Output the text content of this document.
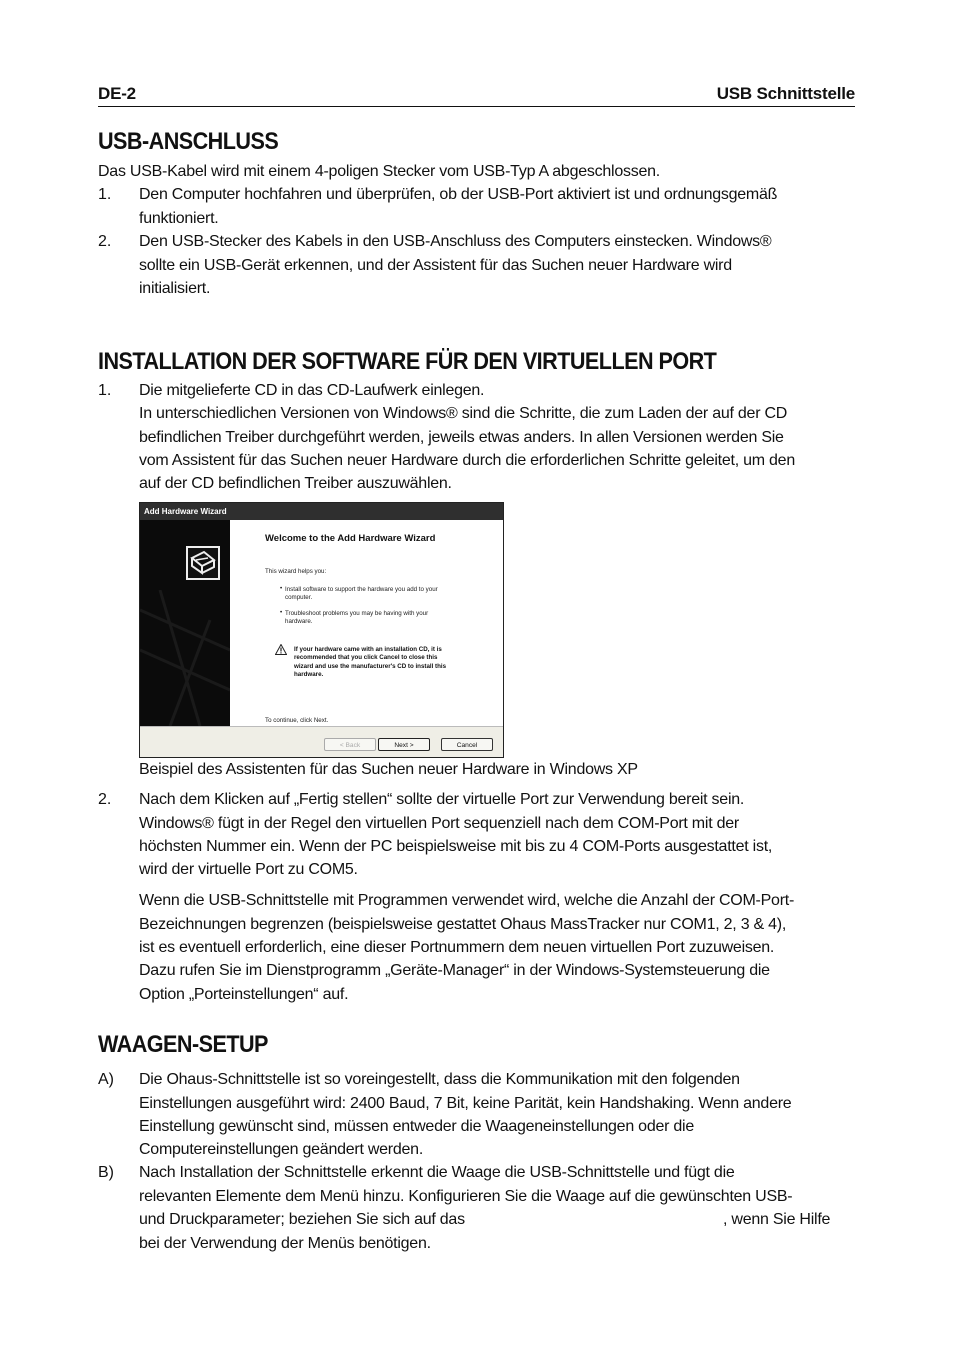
DE-2	USB Schnittstelle
USB-ANSCHLUSS

Das USB-Kabel wird mit einem 4-poligen Stecker vom USB-Typ A abgeschlossen.

1. Den Computer hochfahren und überprüfen, ob der USB-Port aktiviert ist und ordnungsgemäß

funktioniert.

2. Den USB-Stecker des Kabels in den USB-Anschluss des Computers einstecken. Windows®

sollte ein USB-Gerät erkennen, und der Assistent für das Suchen neuer Hardware wird

initialisiert.

INSTALLATION DER SOFTWARE FÜR DEN VIRTUELLEN PORT
1. Die mitgelieferte CD in das CD-Laufwerk einlegen.

In unterschiedlichen Versionen von Windows® sind die Schritte, die zum Laden der auf der CD

befindlichen Treiber durchgeführt werden, jeweils etwas anders. In allen Versionen werden Sie

vom Assistent für das Suchen neuer Hardware durch die erforderlichen Schritte geleitet, um den

auf der CD befindlichen Treiber auszuwählen.

Add Hardware Wizard
Welcome to the Add Hardware Wizard
This wizard helps you:
• Install software to support the hardware you add to your
computer.
• Troubleshoot problems you may be having with your
hardware.
If your hardware came with an installation CD, it is
recommended that you click Cancel to close this
wizard and use the manufacturer's CD to install this
hardware.
To continue, click Next.
< Back	Next >	Cancel

Beispiel des Assistenten für das Suchen neuer Hardware in Windows XP

2. Nach dem Klicken auf „Fertig stellen“ sollte der virtuelle Port zur Verwendung bereit sein.

Windows® fügt in der Regel den virtuellen Port sequenziell nach dem COM-Port mit der

höchsten Nummer ein. Wenn der PC beispielsweise mit bis zu 4 COM-Ports ausgestattet ist,

wird der virtuelle Port zu COM5.

Wenn die USB-Schnittstelle mit Programmen verwendet wird, welche die Anzahl der COM-Port-

Bezeichnungen begrenzen (beispielsweise gestattet Ohaus MassTracker nur COM1, 2, 3 & 4),

ist es eventuell erforderlich, eine dieser Portnummern dem neuen virtuellen Port zuzuweisen.

Dazu rufen Sie im Dienstprogramm „Geräte-Manager“ in der Windows-Systemsteuerung die

Option „Porteinstellungen“ auf.

WAAGEN-SETUP
A) Die Ohaus-Schnittstelle ist so voreingestellt, dass die Kommunikation mit den folgenden

Einstellungen ausgeführt wird: 2400 Baud, 7 Bit, keine Parität, kein Handshaking. Wenn andere

Einstellung gewünscht sind, müssen entweder die Waageneinstellungen oder die

Computereinstellungen geändert werden.

B) Nach Installation der Schnittstelle erkennt die Waage die USB-Schnittstelle und fügt die

relevanten Elemente dem Menü hinzu. Konfigurieren Sie die Waage auf die gewünschten USB-

und Druckparameter; beziehen Sie sich auf das	, wenn Sie Hilfe

bei der Verwendung der Menüs benötigen.
